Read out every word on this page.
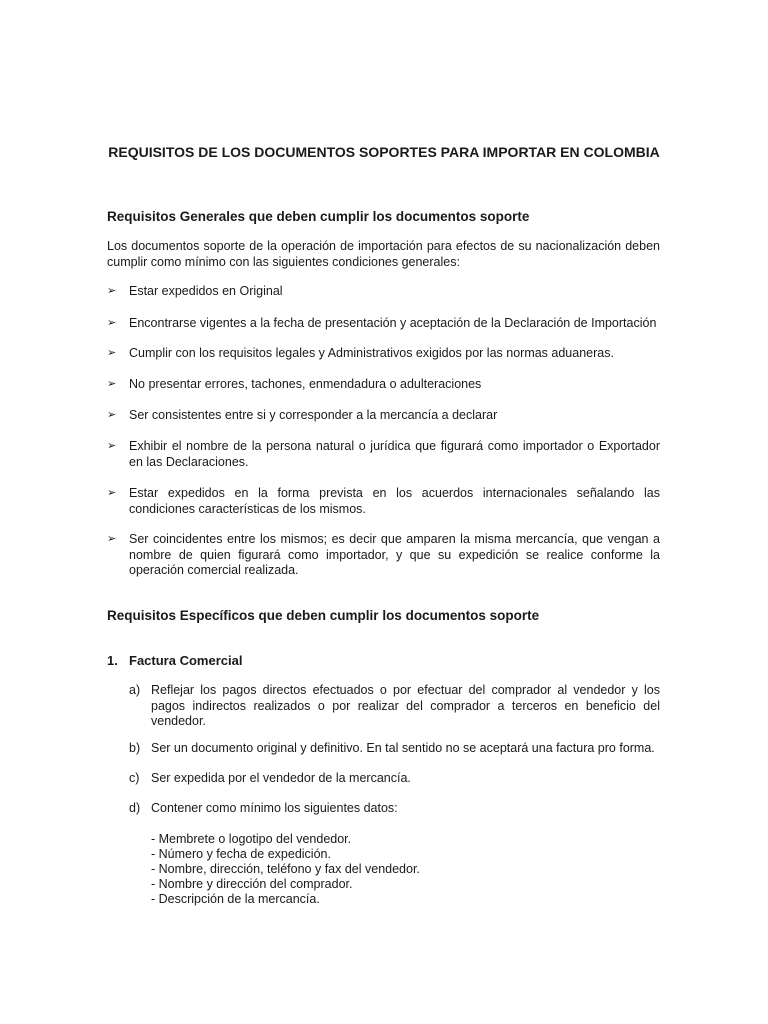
REQUISITOS DE LOS DOCUMENTOS SOPORTES PARA IMPORTAR EN COLOMBIA
Requisitos Generales que deben cumplir los documentos soporte
Los documentos soporte de la operación de importación para efectos de su nacionalización deben cumplir como mínimo con las siguientes condiciones generales:
➢	Estar expedidos en Original
➢	Encontrarse vigentes a la fecha de presentación y aceptación de la Declaración de Importación
➢	Cumplir con los requisitos legales y Administrativos exigidos por las normas aduaneras.
➢	No presentar errores, tachones, enmendadura o adulteraciones
➢	Ser consistentes entre si y corresponder a la mercancía a declarar
➢	Exhibir el nombre de la persona natural o jurídica que figurará como importador o Exportador en las Declaraciones.
➢	Estar expedidos en la forma prevista en los acuerdos internacionales señalando las condiciones características de los mismos.
➢	Ser coincidentes entre los mismos; es decir que amparen la misma mercancía, que vengan a nombre de quien figurará como importador, y que su expedición se realice conforme la operación comercial realizada.
Requisitos Específicos que deben cumplir los documentos soporte
1. Factura Comercial
a) Reflejar los pagos directos efectuados o por efectuar del comprador al vendedor y los pagos indirectos realizados o por realizar del comprador a terceros en beneficio del vendedor.
b) Ser un documento original y definitivo. En tal sentido no se aceptará una factura pro forma.
c) Ser expedida por el vendedor de la mercancía.
d) Contener como mínimo los siguientes datos:
- Membrete o logotipo del vendedor.
- Número y fecha de expedición.
- Nombre, dirección, teléfono y fax del vendedor.
- Nombre y dirección del comprador.
- Descripción de la mercancía.
